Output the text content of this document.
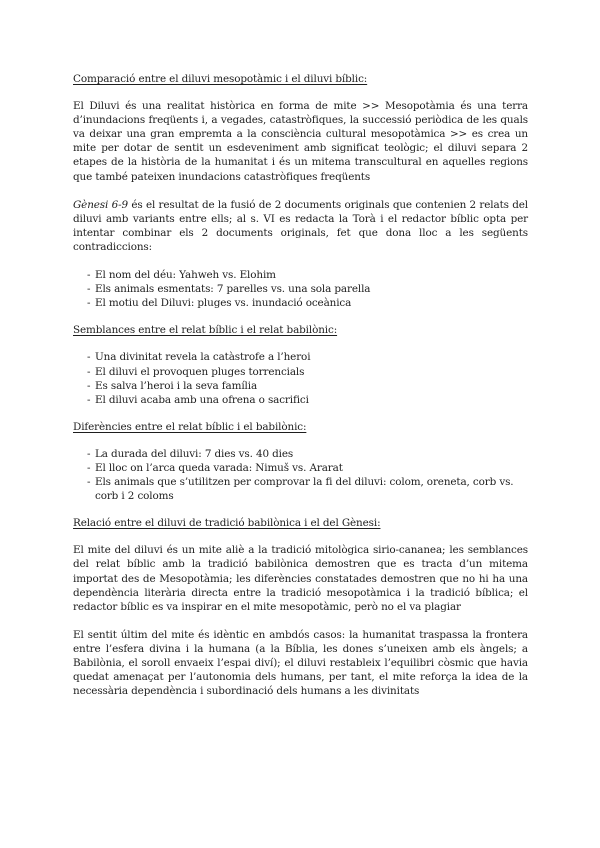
Comparació entre el diluvi mesopotàmic i el diluvi bíblic:

El Diluvi és una realitat històrica en forma de mite >> Mesopotàmia és una terra d’inundacions freqüents i, a vegades, catastròfiques, la successió periòdica de les quals va deixar una gran empremta a la consciència cultural mesopotàmica >> es crea un mite per dotar de sentit un esdeveniment amb significat teològic; el diluvi separa 2 etapes de la història de la humanitat i és un mitema transcultural en aquelles regions que també pateixen inundacions catastròfiques freqüents

Gènesi 6-9 és el resultat de la fusió de 2 documents originals que contenien 2 relats del diluvi amb variants entre ells; al s. VI es redacta la Torà i el redactor bíblic opta per intentar combinar els 2 documents originals, fet que dona lloc a les següents contradiccions:

- El nom del déu: Yahweh vs. Elohim
- Els animals esmentats: 7 parelles vs. una sola parella
- El motiu del Diluvi: pluges vs. inundació oceànica
Semblances entre el relat bíblic i el relat babilònic:
- Una divinitat revela la catàstrofe a l’heroi
- El diluvi el provoquen pluges torrencials
- Es salva l’heroi i la seva família
- El diluvi acaba amb una ofrena o sacrifici
Diferències entre el relat bíblic i el babilònic:
- La durada del diluvi: 7 dies vs. 40 dies
- El lloc on l’arca queda varada: Nimuš vs. Ararat
- Els animals que s’utilitzen per comprovar la fi del diluvi: colom, oreneta, corb vs. corb i 2 coloms
Relació entre el diluvi de tradició babilònica i el del Gènesi:

El mite del diluvi és un mite aliè a la tradició mitològica sirio-cananea; les semblances del relat bíblic amb la tradició babilònica demostren que es tracta d’un mitema importat des de Mesopotàmia; les diferències constatades demostren que no hi ha una dependència literària directa entre la tradició mesopotàmica i la tradició bíblica; el redactor bíblic es va inspirar en el mite mesopotàmic, però no el va plagiar

El sentit últim del mite és idèntic en ambdós casos: la humanitat traspassa la frontera entre l’esfera divina i la humana (a la Bíblia, les dones s’uneixen amb els àngels; a Babilònia, el soroll envaeix l’espai diví); el diluvi restableix l’equilibri còsmic que havia quedat amenaçat per l’autonomia dels humans, per tant, el mite reforça la idea de la necessària dependència i subordinació dels humans a les divinitats
